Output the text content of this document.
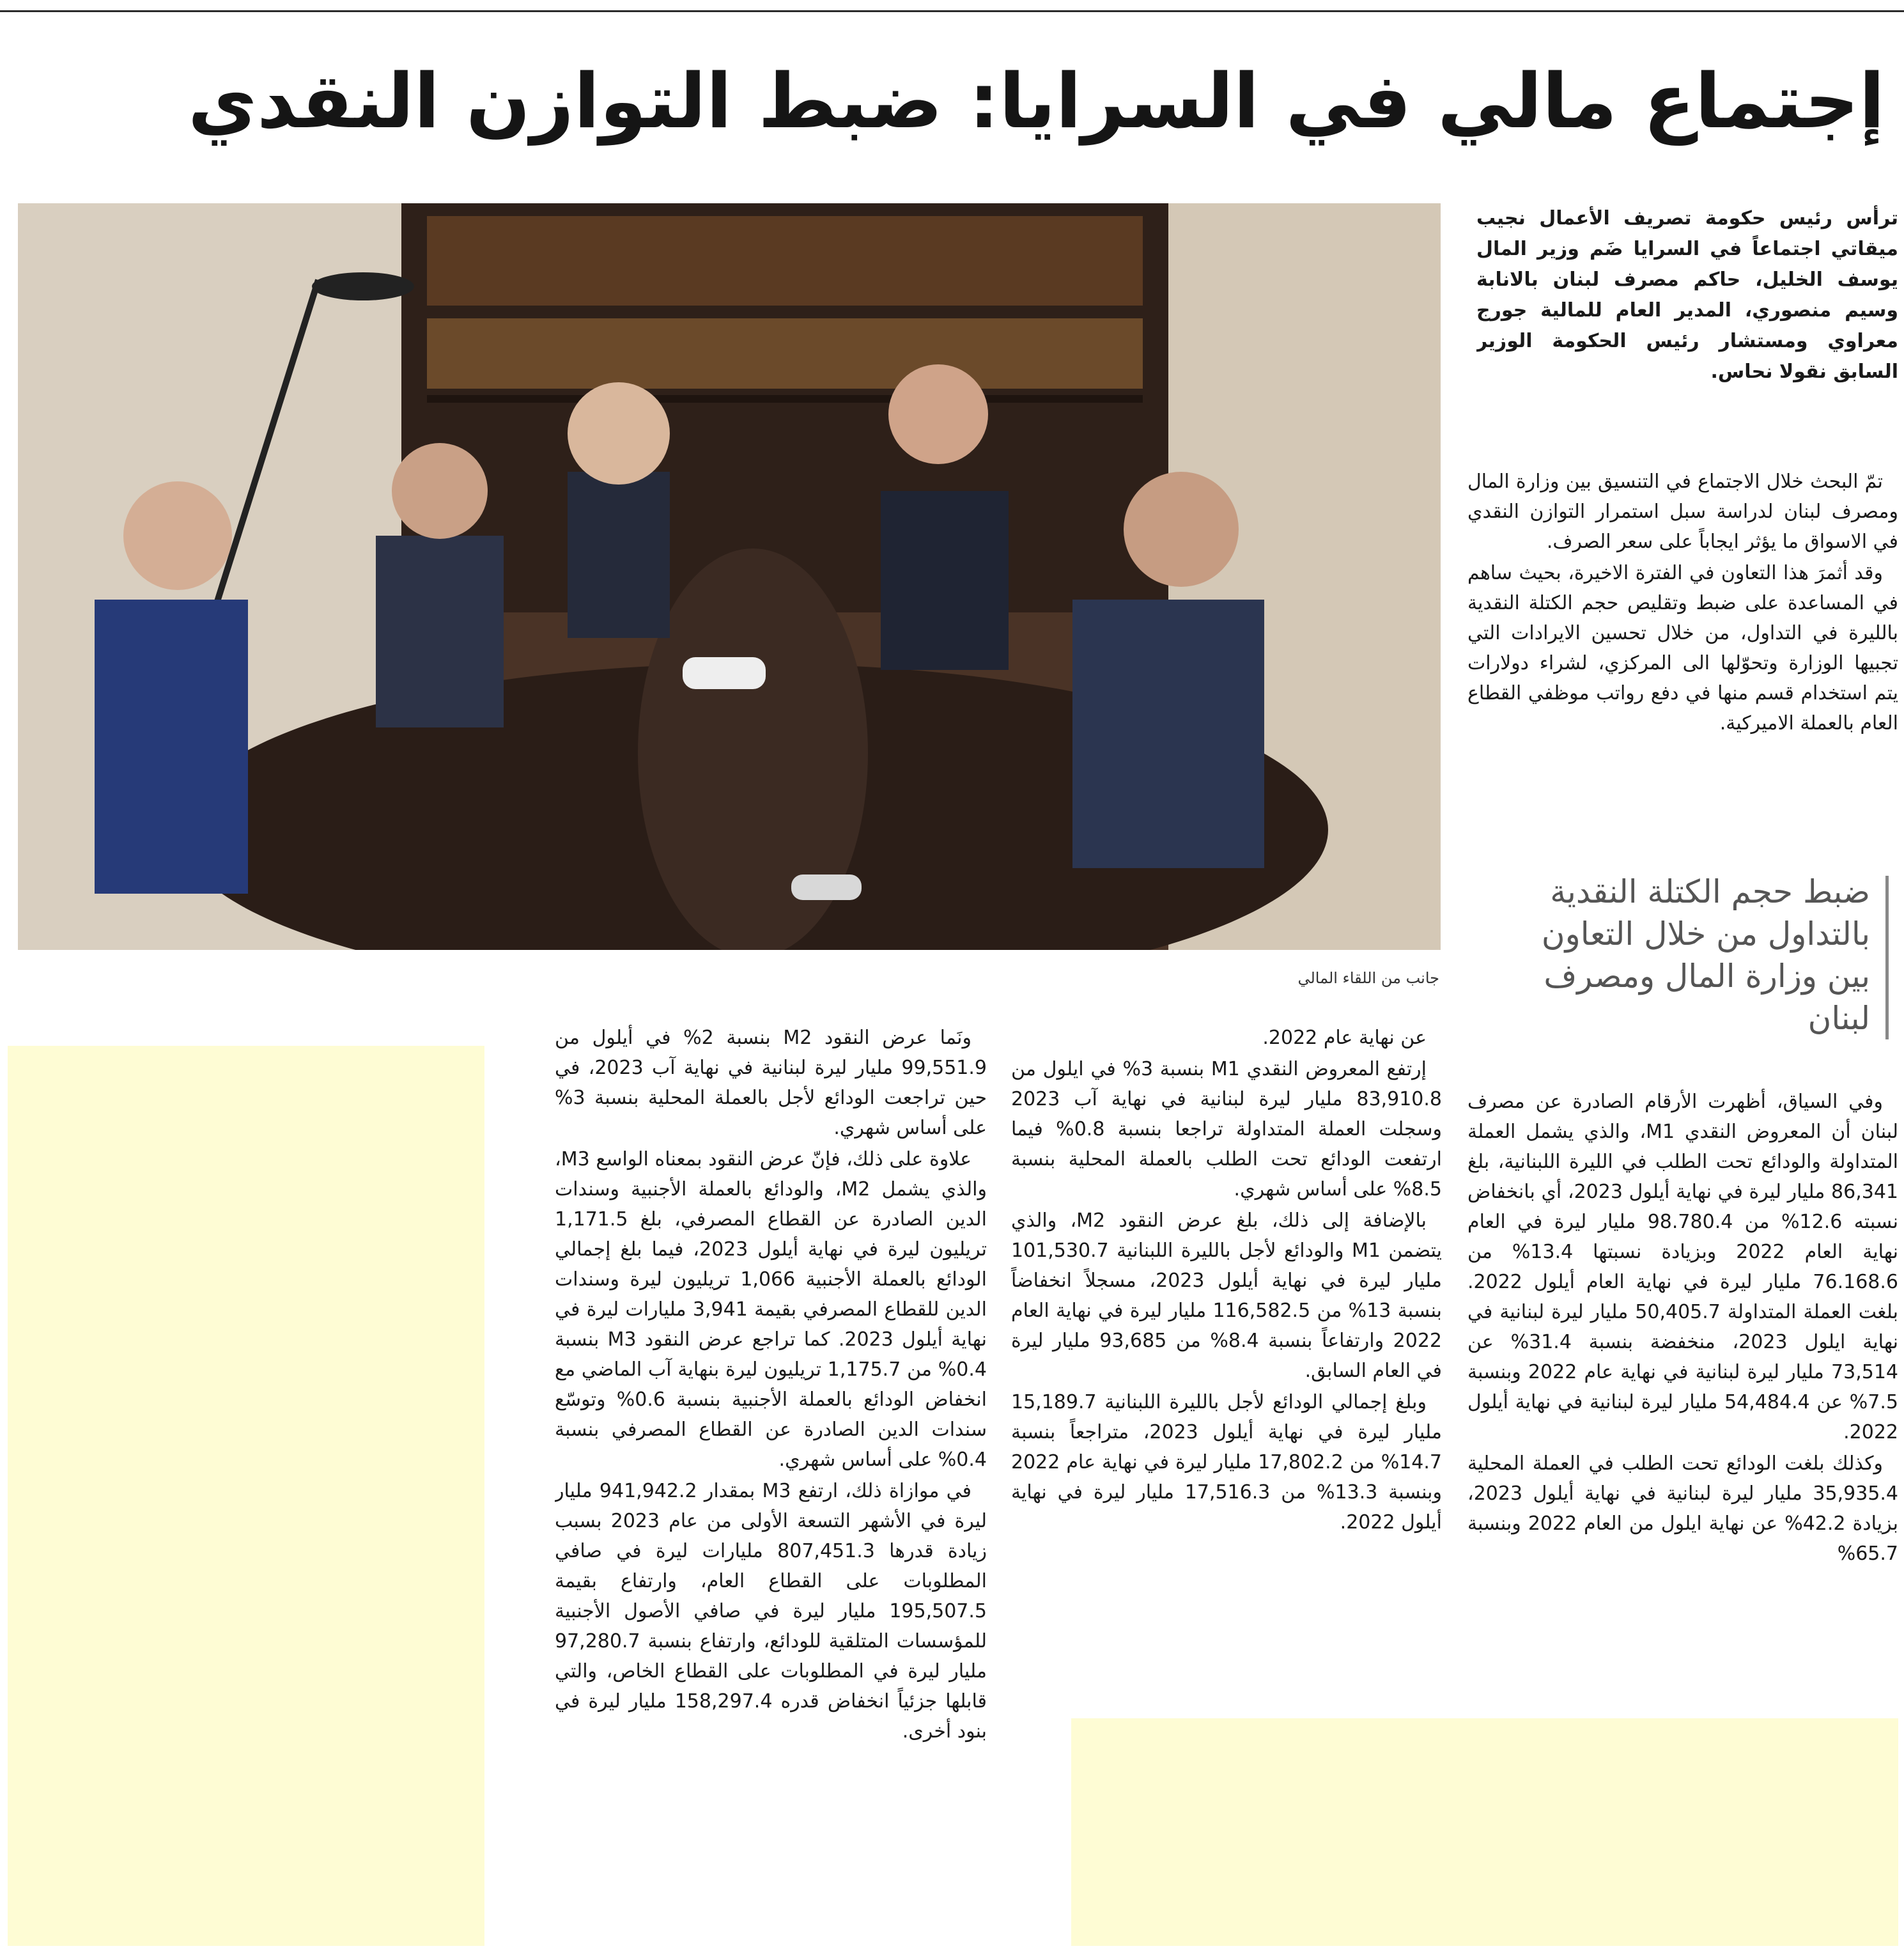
إجتماع مالي في السرايا: ضبط التوازن النقدي
جانب من اللقاء المالي
ترأس رئيس حكومة تصريف الأعمال نجيب ميقاتي اجتماعاً في السرايا ضَم وزير المال يوسف الخليل، حاكم مصرف لبنان بالانابة وسيم منصوري، المدير العام للمالية جورج معراوي ومستشار رئيس الحكومة الوزير السابق نقولا نحاس.

تمّ البحث خلال الاجتماع في التنسيق بين وزارة المال ومصرف لبنان لدراسة سبل استمرار التوازن النقدي في الاسواق ما يؤثر ايجاباً على سعر الصرف.

وقد أثمرَ هذا التعاون في الفترة الاخيرة، بحيث ساهم في المساعدة على ضبط وتقليص حجم الكتلة النقدية بالليرة في التداول، من خلال تحسين الايرادات التي تجبيها الوزارة وتحوّلها الى المركزي، لشراء دولارات يتم استخدام قسم منها في دفع رواتب موظفي القطاع العام بالعملة الاميركية.

ضبط حجم الكتلة النقدية بالتداول من خلال التعاون بين وزارة المال ومصرف لبنان

وفي السياق، أظهرت الأرقام الصادرة عن مصرف لبنان أن المعروض النقدي M1، والذي يشمل العملة المتداولة والودائع تحت الطلب في الليرة اللبنانية، بلغ 86,341 مليار ليرة في نهاية أيلول 2023، أي بانخفاض نسبته 12.6% من 98.780.4 مليار ليرة في العام نهاية العام 2022 وبزيادة نسبتها 13.4% من 76.168.6 مليار ليرة في نهاية العام أيلول 2022. بلغت العملة المتداولة 50,405.7 مليار ليرة لبنانية في نهاية ايلول 2023، منخفضة بنسبة 31.4% عن 73,514 مليار ليرة لبنانية في نهاية عام 2022 وبنسبة 7.5% عن 54,484.4 مليار ليرة لبنانية في نهاية أيلول 2022.

وكذلك بلغت الودائع تحت الطلب في العملة المحلية 35,935.4 مليار ليرة لبنانية في نهاية أيلول 2023، بزيادة 42.2% عن نهاية ايلول من العام 2022 وبنسبة 65.7%

عن نهاية عام 2022.

إرتفع المعروض النقدي M1 بنسبة 3% في ايلول من 83,910.8 مليار ليرة لبنانية في نهاية آب 2023 وسجلت العملة المتداولة تراجعا بنسبة 0.8% فيما ارتفعت الودائع تحت الطلب بالعملة المحلية بنسبة 8.5% على أساس شهري.

بالإضافة إلى ذلك، بلغ عرض النقود M2، والذي يتضمن M1 والودائع لأجل بالليرة اللبنانية 101,530.7 مليار ليرة في نهاية أيلول 2023، مسجلاً انخفاضاً بنسبة 13% من 116,582.5 مليار ليرة في نهاية العام 2022 وارتفاعاً بنسبة 8.4% من 93,685 مليار ليرة في العام السابق.

وبلغ إجمالي الودائع لأجل بالليرة اللبنانية 15,189.7 مليار ليرة في نهاية أيلول 2023، متراجعاً بنسبة 14.7% من 17,802.2 مليار ليرة في نهاية عام 2022 وبنسبة 13.3% من 17,516.3 مليار ليرة في نهاية أيلول 2022.

ونَما عرض النقود M2 بنسبة 2% في أيلول من 99,551.9 مليار ليرة لبنانية في نهاية آب 2023، في حين تراجعت الودائع لأجل بالعملة المحلية بنسبة 3% على أساس شهري.

علاوة على ذلك، فإنّ عرض النقود بمعناه الواسع M3، والذي يشمل M2، والودائع بالعملة الأجنبية وسندات الدين الصادرة عن القطاع المصرفي، بلغ 1,171.5 تريليون ليرة في نهاية أيلول 2023، فيما بلغ إجمالي الودائع بالعملة الأجنبية 1,066 تريليون ليرة وسندات الدين للقطاع المصرفي بقيمة 3,941 مليارات ليرة في نهاية أيلول 2023. كما تراجع عرض النقود M3 بنسبة 0.4% من 1,175.7 تريليون ليرة بنهاية آب الماضي مع انخفاض الودائع بالعملة الأجنبية بنسبة 0.6% وتوسّع سندات الدين الصادرة عن القطاع المصرفي بنسبة 0.4% على أساس شهري.

في موازاة ذلك، ارتفع M3 بمقدار 941,942.2 مليار ليرة في الأشهر التسعة الأولى من عام 2023 بسبب زيادة قدرها 807,451.3 مليارات ليرة في صافي المطلوبات على القطاع العام، وارتفاع بقيمة 195,507.5 مليار ليرة في صافي الأصول الأجنبية للمؤسسات المتلقية للودائع، وارتفاع بنسبة 97,280.7 مليار ليرة في المطلوبات على القطاع الخاص، والتي قابلها جزئياً انخفاض قدره 158,297.4 مليار ليرة في بنود أخرى.
